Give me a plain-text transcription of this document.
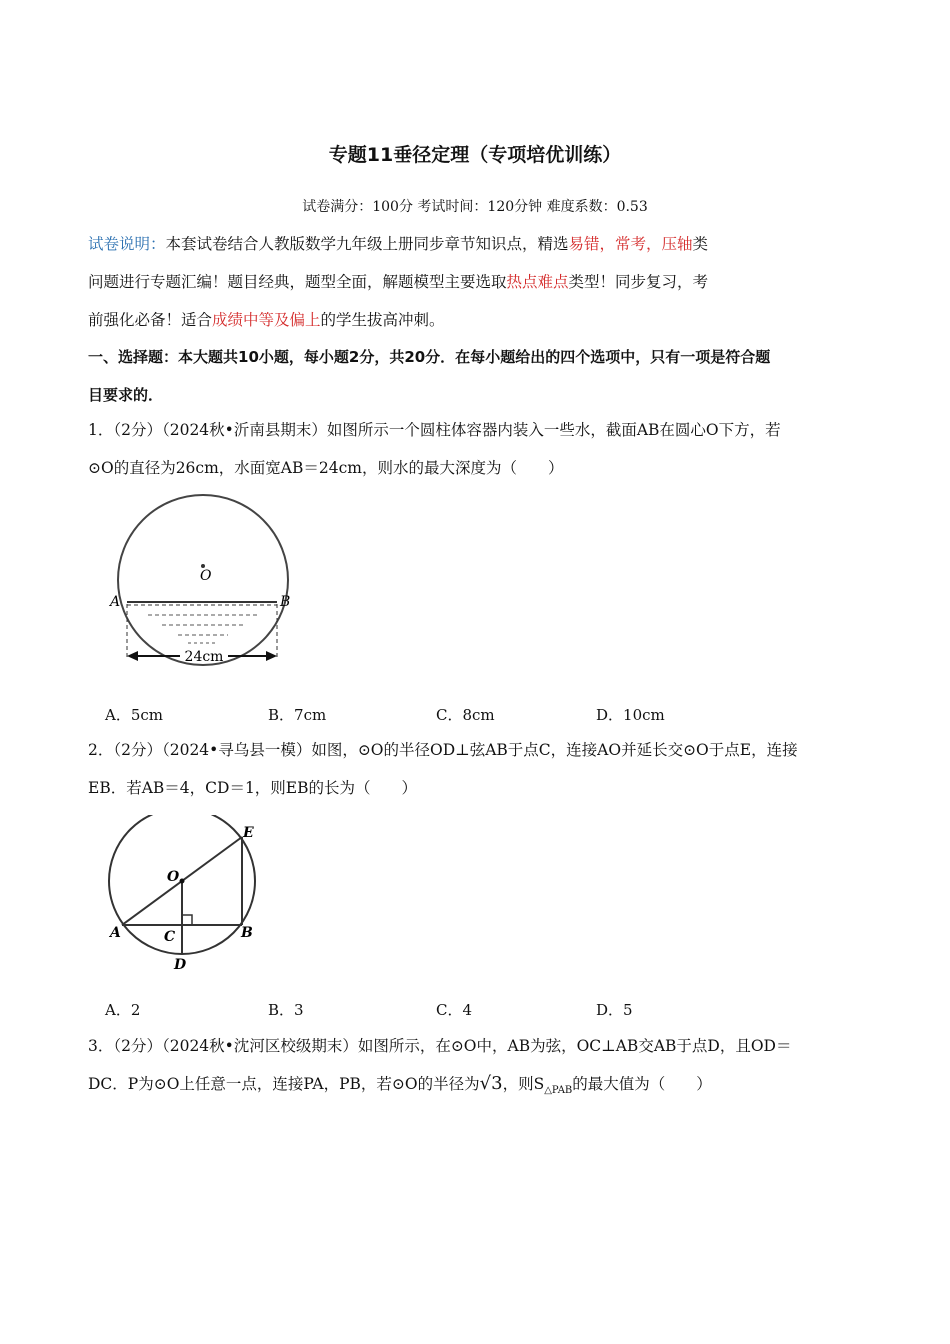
专题11垂径定理（专项培优训练）
试卷满分：100分 考试时间：120分钟 难度系数：0.53
试卷说明：本套试卷结合人教版数学九年级上册同步章节知识点，精选易错，常考，压轴类
问题进行专题汇编！题目经典，题型全面，解题模型主要选取热点难点类型！同步复习，考
前强化必备！适合成绩中等及偏上的学生拔高冲刺。
一、选择题：本大题共10小题，每小题2分，共20分．在每小题给出的四个选项中，只有一项是符合题
目要求的．
1．（2分）（2024秋•沂南县期末）如图所示一个圆柱体容器内装入一些水，截面AB在圆心O下方，若
⊙O的直径为26cm，水面宽AB＝24cm，则水的最大深度为（　　）
O
A	B
24cm
A．5cm	B．7cm	C．8cm	D．10cm
2．（2分）（2024•寻乌县一模）如图，⊙O的半径OD⊥弦AB于点C，连接AO并延长交⊙O于点E，连接
EB．若AB＝4，CD＝1，则EB的长为（　　）
O
A	B
C
D
E
A．2	B．3	C．4	D．5
3．（2分）（2024秋•沈河区校级期末）如图所示，在⊙O中，AB为弦，OC⊥AB交AB于点D，且OD＝
DC．P为⊙O上任意一点，连接PA，PB，若⊙O的半径为√3，则$S_{\triangle PAB}$的最大值为（　　）
